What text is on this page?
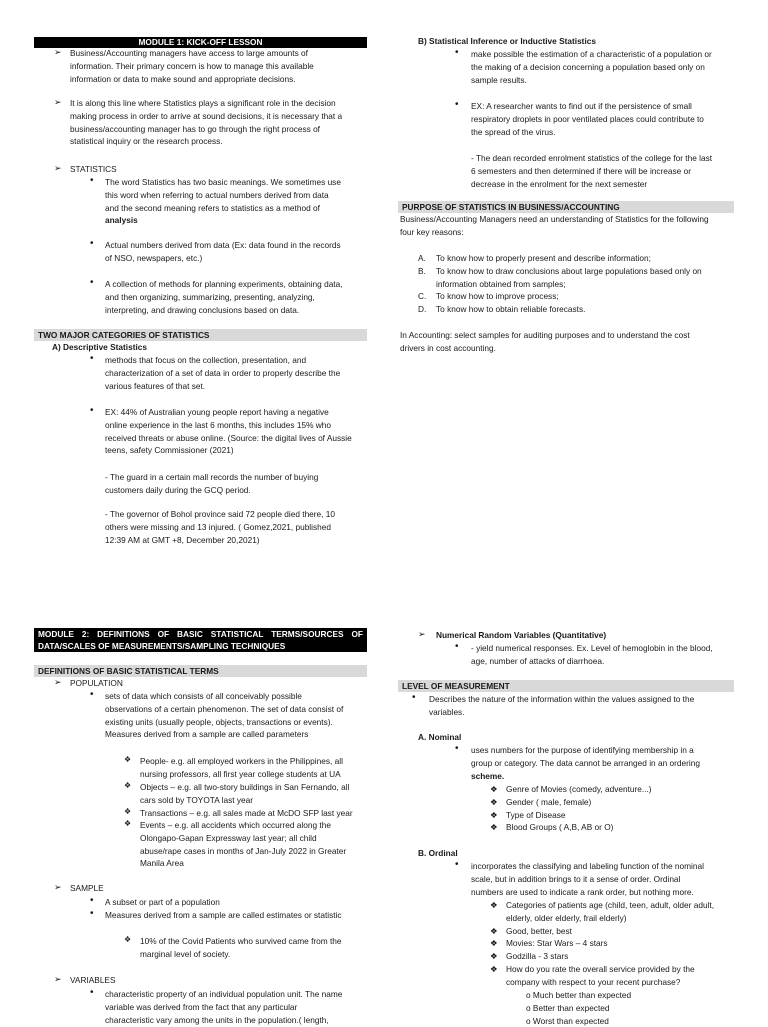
MODULE 1: KICK-OFF LESSON
➢ Business/Accounting managers have access to large amounts of

information. Their primary concern is how to manage this available

information or data to make sound and appropriate decisions.

➢ It is along this line where Statistics plays a significant role in the decision

making process in order to arrive at sound decisions, it is necessary that a

business/accounting manager has to go through the right process of

statistical inquiry or the research process.

➢ STATISTICS
• The word Statistics has two basic meanings. We sometimes use

this word when referring to actual numbers derived from data

and the second meaning refers to statistics as a method of

analysis

• Actual numbers derived from data (Ex: data found in the records

of NSO, newspapers, etc.)

• A collection of methods for planning experiments, obtaining data,

and then organizing, summarizing, presenting, analyzing,

interpreting, and drawing conclusions based on data.

TWO MAJOR CATEGORIES OF STATISTICS
A) Descriptive Statistics
• methods that focus on the collection, presentation, and

characterization of a set of data in order to properly describe the

various features of that set.

• EX: 44% of Australian young people report having a negative

online experience in the last 6 months, this includes 15% who

received threats or abuse online. (Source: the digital lives of Aussie

teens, safety Commissioner (2021)

- The guard in a certain mall records the number of buying

customers daily during the GCQ period.

- The governor of Bohol province said 72 people died there, 10

others were missing and 13 injured. ( Gomez,2021, published

12:39 AM at GMT +8, December 20,2021)

B) Statistical Inference or Inductive Statistics
• make possible the estimation of a characteristic of a population or

the making of a decision concerning a population based only on

sample results.

• EX: A researcher wants to find out if the persistence of small

respiratory droplets in poor ventilated places could contribute to

the spread of the virus.

- The dean recorded enrolment statistics of the college for the last

6 semesters and then determined if there will be increase or

decrease in the enrolment for the next semester

PURPOSE OF STATISTICS IN BUSINESS/ACCOUNTING

Business/Accounting Managers need an understanding of Statistics for the following

four key reasons:

A. To know how to properly present and describe information;
B. To know how to draw conclusions about large populations based only on
information obtained from samples;
C. To know how to improve process;
D. To know how to obtain reliable forecasts.

In Accounting: select samples for auditing purposes and to understand the cost

drivers in cost accounting.

MODULE 2: DEFINITIONS OF BASIC STATISTICAL TERMS/SOURCES OF
DATA/SCALES OF MEASUREMENTS/SAMPLING TECHNIQUES
DEFINITIONS OF BASIC STATISTICAL TERMS
➢ POPULATION
• sets of data which consists of all conceivably possible

observations of a certain phenomenon. The set of data consist of

existing units (usually people, objects, transactions or events).

Measures derived from a sample are called parameters

❖ People- e.g. all employed workers in the Philippines, all

nursing professors, all first year college students at UA

❖ Objects – e.g. all two-story buildings in San Fernando, all

cars sold by TOYOTA last year

❖ Transactions – e.g. all sales made at McDO SFP last year
❖ Events – e.g. all accidents which occurred along the

Olongapo-Gapan Expressway last year; all child

abuse/rape cases in months of Jan-July 2022 in Greater

Manila Area

➢ SAMPLE
• A subset or part of a population
• Measures derived from a sample are called estimates or statistic
❖ 10% of the Covid Patients who survived came from the

marginal level of society.

➢ VARIABLES
• characteristic property of an individual population unit. The name

variable was derived from the fact that any particular

characteristic vary among the units in the population.( length,

➢ Numerical Random Variables (Quantitative)
• - yield numerical responses. Ex. Level of hemoglobin in the blood,

age, number of attacks of diarrhoea.

LEVEL OF MEASUREMENT
• Describes the nature of the information within the values assigned to the

variables.

A. Nominal
• uses numbers for the purpose of identifying membership in a

group or category. The data cannot be arranged in an ordering

scheme.

❖ Genre of Movies (comedy, adventure...)
❖ Gender ( male, female)
❖ Type of Disease
❖ Blood Groups ( A,B, AB or O)
B. Ordinal
• incorporates the classifying and labeling function of the nominal

scale, but in addition brings to it a sense of order. Ordinal

numbers are used to indicate a rank order, but nothing more.

❖ Categories of patients age (child, teen, adult, older adult,
elderly, older elderly, frail elderly)
❖ Good, better, best
❖ Movies: Star Wars – 4 stars
❖ Godzilla - 3 stars
❖ How do you rate the overall service provided by the
company with respect to your recent purchase?
o Much better than expected
o Better than expected
o Worst than expected
